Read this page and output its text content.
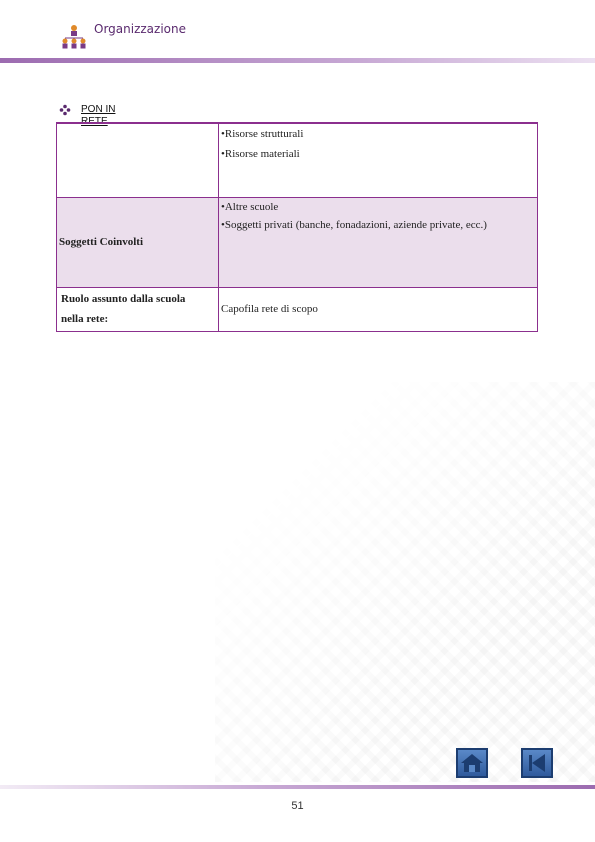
Organizzazione
PON IN RETE

	•Risorse strutturali

•Risorse materiali

Soggetti Coinvolti	•Altre scuole

•Soggetti privati (banche, fonadazioni, aziende private, ecc.)

Ruolo assunto dalla scuola
nella rete:	Capofila rete di scopo
51
